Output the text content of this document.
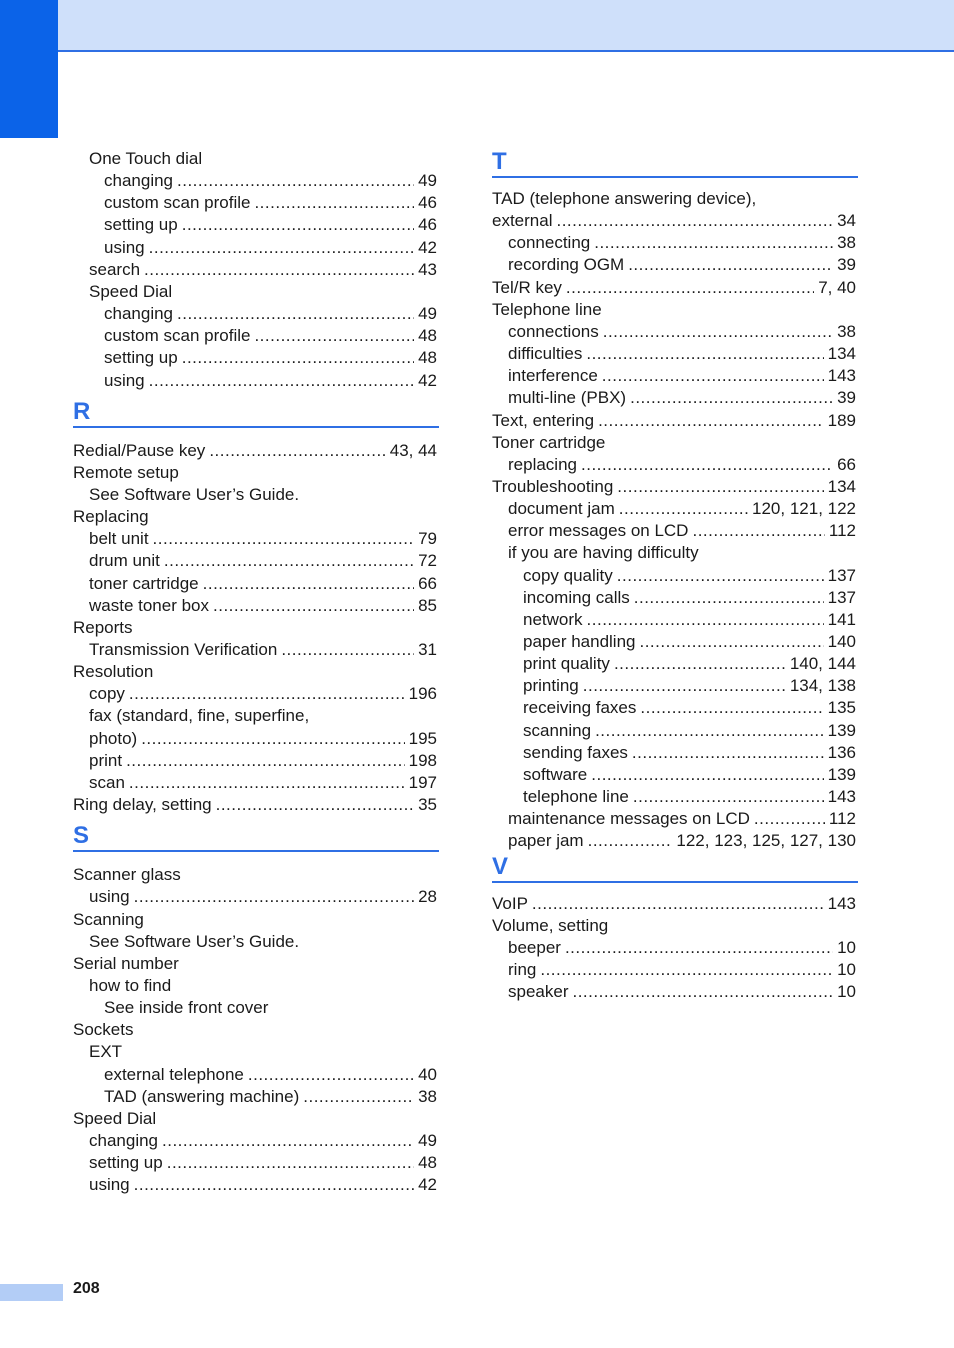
One Touch dial
changing .....	49
custom scan profile .....	46
setting up .....	46
using .....	42
search .....	43
Speed Dial
changing .....	49
custom scan profile .....	48
setting up .....	48
using .....	42
R
Redial/Pause key .....	43, 44
Remote setup
See Software User’s Guide.
Replacing
belt unit .....	79
drum unit .....	72
toner cartridge .....	66
waste toner box .....	85
Reports
Transmission Verification .....	31
Resolution
copy .....	196
fax (standard, fine, superfine,
photo) .....	195
print .....	198
scan .....	197
Ring delay, setting .....	35
S
Scanner glass
using .....	28
Scanning
See Software User’s Guide.
Serial number
how to find
See inside front cover
Sockets
EXT
external telephone .....	40
TAD (answering machine) .....	38
Speed Dial
changing .....	49
setting up .....	48
using .....	42
T
TAD (telephone answering device),
external .....	34
connecting .....	38
recording OGM .....	39
Tel/R key .....	7, 40
Telephone line
connections .....	38
difficulties .....	134
interference .....	143
multi-line (PBX) .....	39
Text, entering .....	189
Toner cartridge
replacing .....	66
Troubleshooting .....	134
document jam .....	120, 121, 122
error messages on LCD .....	112
if you are having difficulty
copy quality .....	137
incoming calls .....	137
network .....	141
paper handling .....	140
print quality .....	140, 144
printing .....	134, 138
receiving faxes .....	135
scanning .....	139
sending faxes .....	136
software .....	139
telephone line .....	143
maintenance messages on LCD .....	112
paper jam .....	122, 123, 125, 127, 130
V
VoIP .....	143
Volume, setting
beeper .....	10
ring .....	10
speaker .....	10
208
